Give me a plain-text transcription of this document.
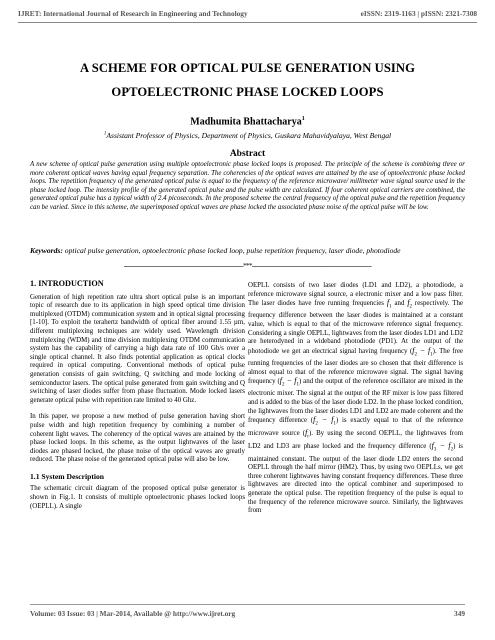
IJRET: International Journal of Research in Engineering and Technology	eISSN: 2319-1163 | pISSN: 2321-7308
A SCHEME FOR OPTICAL PULSE GENERATION USING
OPTOELECTRONIC PHASE LOCKED LOOPS
Madhumita Bhattacharya$^1$
$^1$Assistant Professor of Physics, Department of Physics, Guskara Mahavidyalaya, West Bengal
Abstract
A new scheme of optical pulse generation using multiple optoelectronic phase locked loops is proposed. The principle of the scheme is combining three or more coherent optical waves having equal frequency separation. The coherencies of the optical waves are attained by the use of optoelectronic phase locked loops. The repetition frequency of the generated optical pulse is equal to the frequency of the reference microwave/ millimeter wave signal source used in the phase locked loop. The intensity profile of the generated optical pulse and the pulse width are calculated. If four coherent optical carriers are combined, the generated optical pulse has a typical width of 2.4 picoseconds. In the proposed scheme the central frequency of the optical pulse and the repetition frequency can be varied. Since in this scheme, the superimposed optical waves are phase locked the associated phase noise of the optical pulse will be low.
Keywords: optical pulse generation, optoelectronic phase locked loop, pulse repetition frequency, laser diode, photodiode
---------------------------------------------------------------------***---------------------------------------------------------------------
1. INTRODUCTION

Generation of high repetition rate ultra short optical pulse is an important topic of research due to its application in high speed optical time division multiplexed (OTDM) communication system and in optical signal processing [1-10]. To exploit the terahertz bandwidth of optical fiber around 1.55 µm, different multiplexing techniques are widely used. Wavelength division multiplexing (WDM) and time division multiplexing OTDM communication system has the capability of carrying a high data rate of 100 Gb/s over a single optical channel. It also finds potential application as optical clocks required in optical computing. Conventional methods of optical pulse generation consists of gain switching, Q switching and mode locking of semiconductor lasers. The optical pulse generated from gain switching and Q switching of laser diodes suffer from phase fluctuation. Mode locked lasers generate optical pulse with repetition rate limited to 40 Ghz.

In this paper, we propose a new method of pulse generation having short pulse width and high repetition frequency by combining a number of coherent light waves. The coherency of the optical waves are attained by the phase locked loops. In this scheme, as the output lightwaves of the laser diodes are phased locked, the phase noise of the optical waves are greatly reduced. The phase noise of the generated optical pulse will also be low.

1.1 System Description

The schematic circuit diagram of the proposed optical pulse generator is shown in Fig.1. It consists of multiple optoelectronic phases locked loops (OEPLL). A single

OEPLL consists of two laser diodes (LD1 and LD2), a photodiode, a reference microwave signal source, a electronic mixer and a low pass filter. The laser diodes have free running frequencies $f_1$ and $f_2$ respectively. The frequency difference between the laser diodes is maintained at a constant value, which is equal to that of the microwave reference signal frequency. Considering a single OEPLL, lightwaves from the laser diodes LD1 and LD2 are heterodyned in a wideband photodiode (PD1). At the output of the photodiode we get an electrical signal having frequency $(f_2 - f_1)$. The free running frequencies of the laser diodes are so chosen that their difference is almost equal to that of the reference microwave signal. The signal having frequency $(f_2 - f_1)$ and the output of the reference oscillator are mixed in the electronic mixer. The signal at the output of the RF mixer is low pass filtered and is added to the bias of the laser diode LD2. In the phase locked condition, the lightwaves from the laser diodes LD1 and LD2 are made coherent and the frequency difference $(f_2 - f_1)$ is exactly equal to that of the reference microwave source $(f_r)$. By using the second OEPLL, the lightwaves from LD2 and LD3 are phase locked and the frequency difference $(f_3 - f_2)$ is maintained constant. The output of the laser diode LD2 enters the second OEPLL through the half mirror (HM2). Thus, by using two OEPLLs, we get three coherent lightwaves having constant frequency differences. These three lightwaves are directed into the optical combiner and superimposed to generate the optical pulse. The repetition frequency of the pulse is equal to the frequency of the reference microwave source. Similarly, the lightwaves from

Volume: 03 Issue: 03 | Mar-2014, Available @ http://www.ijret.org	349
